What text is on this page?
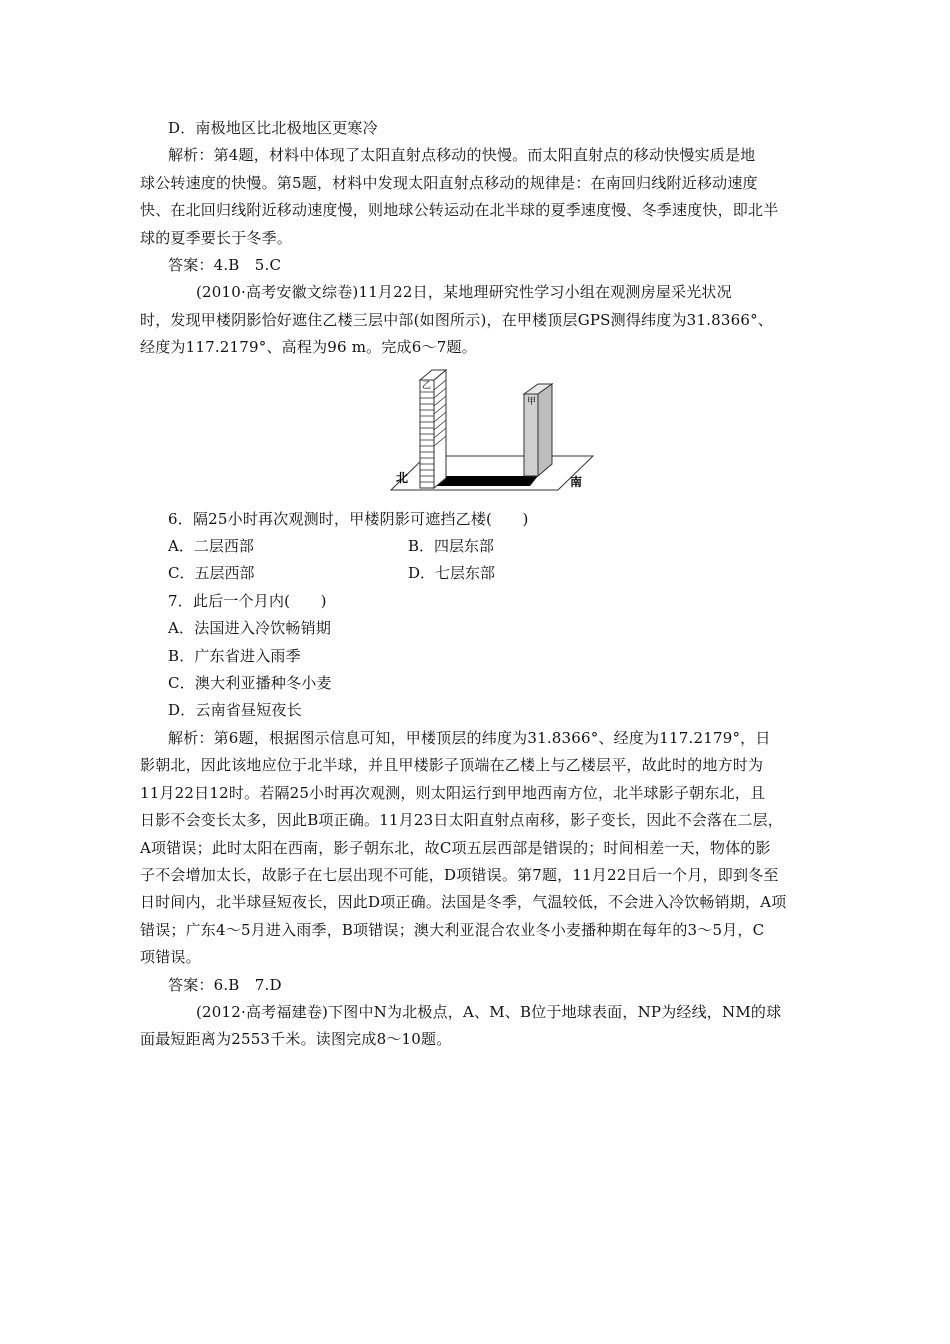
D．南极地区比北极地区更寒冷
解析：第4题，材料中体现了太阳直射点移动的快慢。而太阳直射点的移动快慢实质是地
球公转速度的快慢。第5题，材料中发现太阳直射点移动的规律是：在南回归线附近移动速度
快、在北回归线附近移动速度慢，则地球公转运动在北半球的夏季速度慢、冬季速度快，即北半
球的夏季要长于冬季。
答案：4.B　5.C
(2010·高考安徽文综卷)11月22日，某地理研究性学习小组在观测房屋采光状况
时，发现甲楼阴影恰好遮住乙楼三层中部(如图所示)，在甲楼顶层GPS测得纬度为31.8366°、
经度为117.2179°、高程为96 m。完成6～7题。
乙
甲
北	南
6．隔25小时再次观测时，甲楼阴影可遮挡乙楼(　　)
A．二层西部	B．四层东部
C．五层西部	D．七层东部
7．此后一个月内(　　)
A．法国进入冷饮畅销期
B．广东省进入雨季
C．澳大利亚播种冬小麦
D．云南省昼短夜长
解析：第6题，根据图示信息可知，甲楼顶层的纬度为31.8366°、经度为117.2179°，日
影朝北，因此该地应位于北半球，并且甲楼影子顶端在乙楼上与乙楼层平，故此时的地方时为
11月22日12时。若隔25小时再次观测，则太阳运行到甲地西南方位，北半球影子朝东北，且
日影不会变长太多，因此B项正确。11月23日太阳直射点南移，影子变长，因此不会落在二层，
A项错误；此时太阳在西南，影子朝东北，故C项五层西部是错误的；时间相差一天，物体的影
子不会增加太长，故影子在七层出现不可能，D项错误。第7题，11月22日后一个月，即到冬至
日时间内，北半球昼短夜长，因此D项正确。法国是冬季，气温较低，不会进入冷饮畅销期，A项
错误；广东4～5月进入雨季，B项错误；澳大利亚混合农业冬小麦播种期在每年的3～5月，C
项错误。
答案：6.B　7.D
(2012·高考福建卷)下图中N为北极点，A、M、B位于地球表面，NP为经线，NM的球
面最短距离为2553千米。读图完成8～10题。
